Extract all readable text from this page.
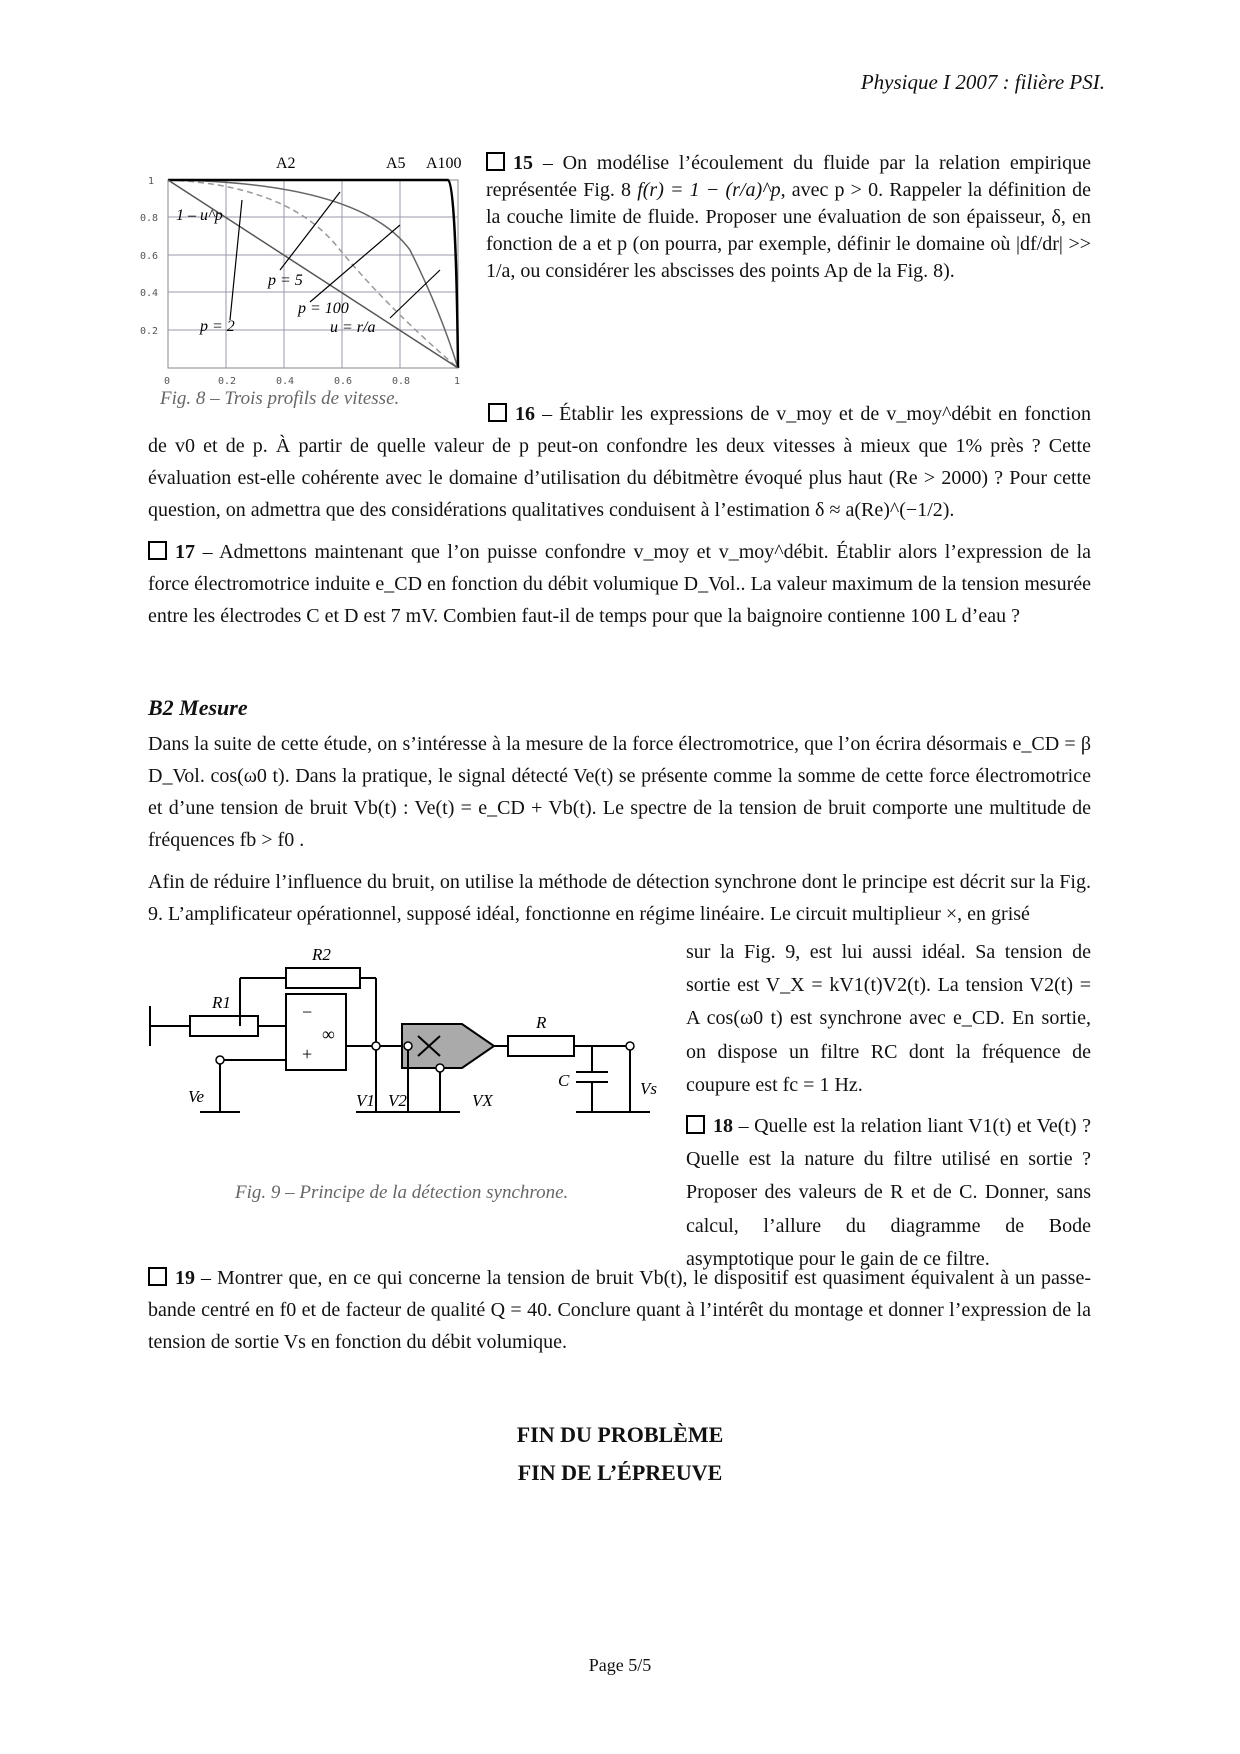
Physique I 2007 : filière PSI.
A2	A5 A100
1 – u^p
p = 5
p = 100
p = 2	u = r/a
0	0.2	0.4	0.6	0.8	1
0.2
0.4
0.6
0.8
1
Fig. 8 – Trois profils de vitesse.
15 – On modélise l’écoulement du fluide par la relation empirique représentée Fig. 8 f(r) = 1 − (r/a)^p, avec p > 0. Rappeler la définition de la couche limite de fluide. Proposer une évaluation de son épaisseur, δ, en fonction de a et p (on pourra, par exemple, définir le domaine où |df/dr| >> 1/a, ou considérer les abscisses des points Ap de la Fig. 8).

16 – Établir les expressions de v_moy et de v_moy^débit en fonction de v0 et de p. À partir de quelle valeur de p peut-on confondre les deux vitesses à mieux que 1% près ? Cette évaluation est-elle cohérente avec le domaine d’utilisation du débitmètre évoqué plus haut (Re > 2000) ? Pour cette question, on admettra que des considérations qualitatives conduisent à l’estimation δ ≈ a(Re)^(−1/2).

17 – Admettons maintenant que l’on puisse confondre v_moy et v_moy^débit. Établir alors l’expression de la force électromotrice induite e_CD en fonction du débit volumique D_Vol.. La valeur maximum de la tension mesurée entre les électrodes C et D est 7 mV. Combien faut-il de temps pour que la baignoire contienne 100 L d’eau ?

B2 Mesure

Dans la suite de cette étude, on s’intéresse à la mesure de la force électromotrice, que l’on écrira désormais e_CD = β D_Vol. cos(ω0 t). Dans la pratique, le signal détecté Ve(t) se présente comme la somme de cette force électromotrice et d’une tension de bruit Vb(t) : Ve(t) = e_CD + Vb(t). Le spectre de la tension de bruit comporte une multitude de fréquences fb > f0 .

Afin de réduire l’influence du bruit, on utilise la méthode de détection synchrone dont le principe est décrit sur la Fig. 9. L’amplificateur opérationnel, supposé idéal, fonctionne en régime linéaire. Le circuit multiplieur ×, en grisé

−
+
∞
R1
R2
R
C
Ve	V1 V2	VX
Vs
Fig. 9 – Principe de la détection synchrone.

sur la Fig. 9, est lui aussi idéal. Sa tension de sortie est V_X = kV1(t)V2(t). La tension V2(t) = A cos(ω0 t) est synchrone avec e_CD. En sortie, on dispose un filtre RC dont la fréquence de coupure est fc = 1 Hz.

18 – Quelle est la relation liant V1(t) et Ve(t) ? Quelle est la nature du filtre utilisé en sortie ? Proposer des valeurs de R et de C. Donner, sans calcul, l’allure du diagramme de Bode asymptotique pour le gain de ce filtre.

19 – Montrer que, en ce qui concerne la tension de bruit Vb(t), le dispositif est quasiment équivalent à un passe-bande centré en f0 et de facteur de qualité Q = 40. Conclure quant à l’intérêt du montage et donner l’expression de la tension de sortie Vs en fonction du débit volumique.

FIN DU PROBLÈME
FIN DE L’ÉPREUVE
Page 5/5
